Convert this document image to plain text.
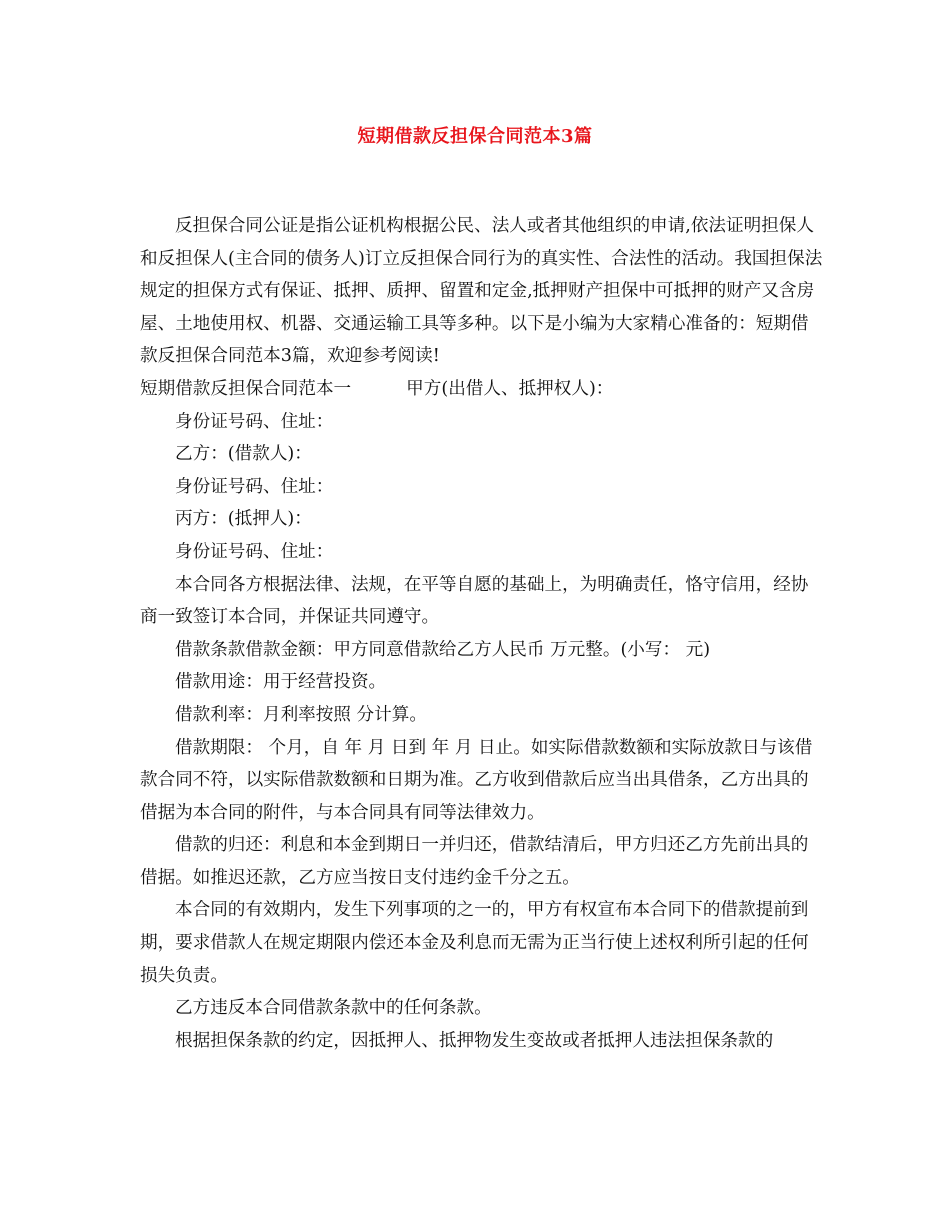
短期借款反担保合同范本3篇

反担保合同公证是指公证机构根据公民、法人或者其他组织的申请,依法证明担保人和反担保人(主合同的债务人)订立反担保合同行为的真实性、合法性的活动。我国担保法规定的担保方式有保证、抵押、质押、留置和定金,抵押财产担保中可抵押的财产又含房屋、土地使用权、机器、交通运输工具等多种。以下是小编为大家精心准备的：短期借款反担保合同范本3篇，欢迎参考阅读!

短期借款反担保合同范本一	甲方(出借人、抵押权人)：

身份证号码、住址：

乙方：(借款人)：

身份证号码、住址：

丙方：(抵押人)：

身份证号码、住址：

本合同各方根据法律、法规，在平等自愿的基础上，为明确责任，恪守信用，经协商一致签订本合同，并保证共同遵守。

借款条款借款金额：甲方同意借款给乙方人民币 万元整。(小写： 元)

借款用途：用于经营投资。

借款利率：月利率按照 分计算。

借款期限： 个月，自 年 月 日到 年 月 日止。如实际借款数额和实际放款日与该借款合同不符，以实际借款数额和日期为准。乙方收到借款后应当出具借条，乙方出具的借据为本合同的附件，与本合同具有同等法律效力。

借款的归还：利息和本金到期日一并归还，借款结清后，甲方归还乙方先前出具的借据。如推迟还款，乙方应当按日支付违约金千分之五。

本合同的有效期内，发生下列事项的之一的，甲方有权宣布本合同下的借款提前到期，要求借款人在规定期限内偿还本金及利息而无需为正当行使上述权利所引起的任何损失负责。

乙方违反本合同借款条款中的任何条款。

根据担保条款的约定，因抵押人、抵押物发生变故或者抵押人违法担保条款的
